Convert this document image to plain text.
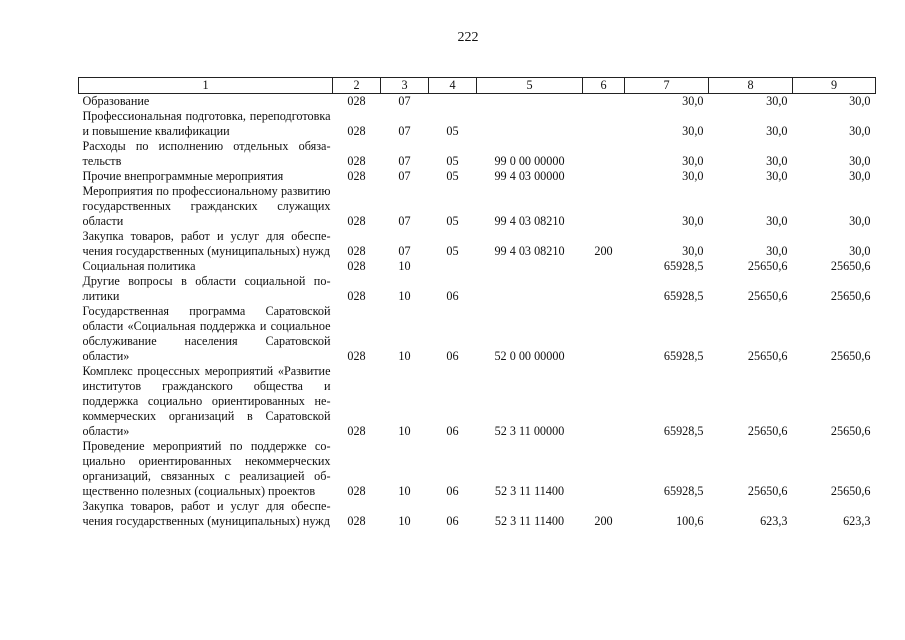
222
1	2	3	4	5	6	7	8	9
Образование	028	07				30,0	30,0	30,0
Профессиональная подготовка, переподготовка и повышение квалификации	028	07	05			30,0	30,0	30,0
Расходы по исполнению отдельных обязательств	028	07	05	99 0 00 00000		30,0	30,0	30,0
Прочие внепрограммные мероприятия	028	07	05	99 4 03 00000		30,0	30,0	30,0
Мероприятия по профессиональному развитию государственных гражданских служащих области	028	07	05	99 4 03 08210		30,0	30,0	30,0
Закупка товаров, работ и услуг для обеспечения государственных (муниципальных) нужд	028	07	05	99 4 03 08210	200	30,0	30,0	30,0
Социальная политика	028	10				65928,5	25650,6	25650,6
Другие вопросы в области социальной политики	028	10	06			65928,5	25650,6	25650,6
Государственная программа Саратовской области «Социальная поддержка и социальное обслуживание населения Саратовской области»	028	10	06	52 0 00 00000		65928,5	25650,6	25650,6
Комплекс процессных мероприятий «Развитие институтов гражданского общества и поддержка социально ориентированных некоммерческих организаций в Саратовской области»	028	10	06	52 3 11 00000		65928,5	25650,6	25650,6
Проведение мероприятий по поддержке социально ориентированных некоммерческих организаций, связанных с реализацией общественно полезных (социальных) проектов	028	10	06	52 3 11 11400		65928,5	25650,6	25650,6
Закупка товаров, работ и услуг для обеспечения государственных (муниципальных) нужд	028	10	06	52 3 11 11400	200	100,6	623,3	623,3
